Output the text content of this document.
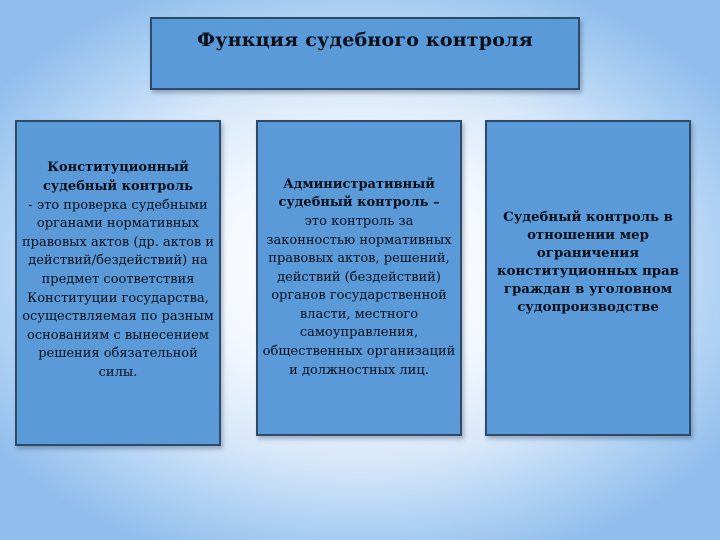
Функция судебного контроля
Конституционный судебный контроль
- это проверка судебными органами нормативных правовых актов (др. актов и действий/бездействий) на предмет соответствия Конституции государства, осуществляемая по разным основаниям с вынесением решения обязательной силы.
Административный судебный контроль –
это контроль за законностью нормативных правовых актов, решений, действий (бездействий) органов государственной власти, местного самоуправления, общественных организаций и должностных лиц.
Судебный контроль в отношении мер ограничения конституционных прав граждан в уголовном судопроизводстве
